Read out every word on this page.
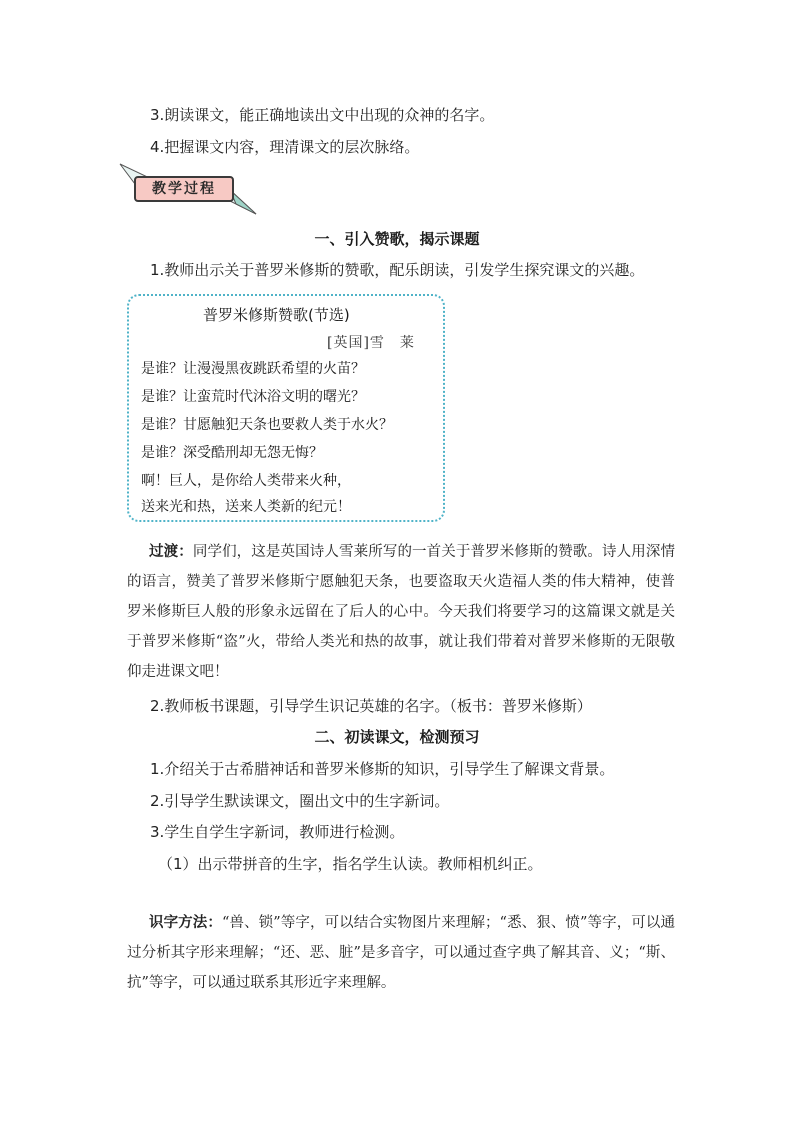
3.朗读课文，能正确地读出文中出现的众神的名字。
4.把握课文内容，理清课文的层次脉络。
教学过程
一、引入赞歌，揭示课题
1.教师出示关于普罗米修斯的赞歌，配乐朗读，引发学生探究课文的兴趣。
普罗米修斯赞歌(节选)
[英国]雪　莱
是谁？让漫漫黑夜跳跃希望的火苗？
是谁？让蛮荒时代沐浴文明的曙光？
是谁？甘愿触犯天条也要救人类于水火？
是谁？深受酷刑却无怨无悔？
啊！巨人，是你给人类带来火种，
送来光和热，送来人类新的纪元！
过渡：同学们，这是英国诗人雪莱所写的一首关于普罗米修斯的赞歌。诗人用深情的语言，赞美了普罗米修斯宁愿触犯天条，也要盗取天火造福人类的伟大精神，使普罗米修斯巨人般的形象永远留在了后人的心中。今天我们将要学习的这篇课文就是关于普罗米修斯“盗”火，带给人类光和热的故事，就让我们带着对普罗米修斯的无限敬仰走进课文吧！
2.教师板书课题，引导学生识记英雄的名字。（板书：普罗米修斯）
二、初读课文，检测预习
1.介绍关于古希腊神话和普罗米修斯的知识，引导学生了解课文背景。
2.引导学生默读课文，圈出文中的生字新词。
3.学生自学生字新词，教师进行检测。
（1）出示带拼音的生字，指名学生认读。教师相机纠正。
识字方法：“兽、锁”等字，可以结合实物图片来理解；“悉、狠、愤”等字，可以通过分析其字形来理解；“还、恶、脏”是多音字，可以通过查字典了解其音、义；“斯、抗”等字，可以通过联系其形近字来理解。
